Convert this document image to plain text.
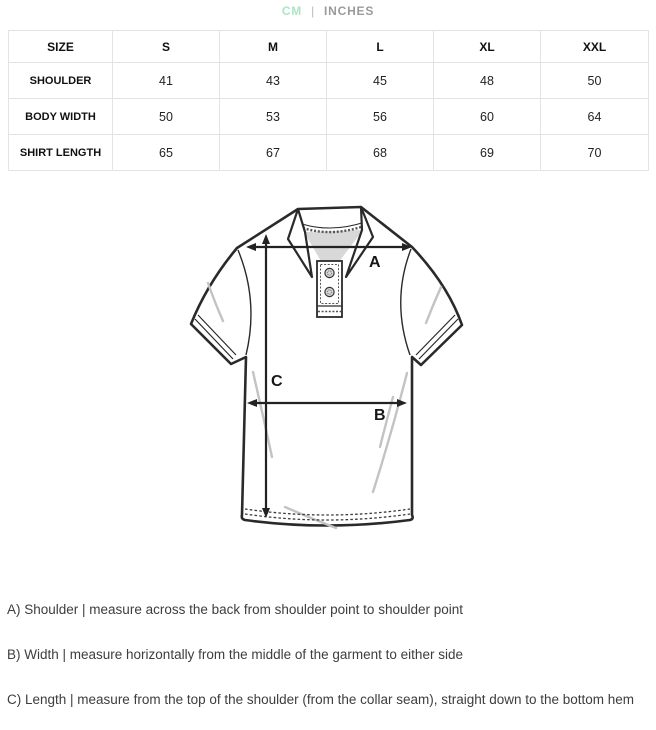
CM | INCHES
SIZE	S	M	L	XL	XXL
SHOULDER	41	43	45	48	50
BODY WIDTH	50	53	56	60	64
SHIRT LENGTH	65	67	68	69	70
A
B
C
A) Shoulder | measure across the back from shoulder point to shoulder point
B) Width | measure horizontally from the middle of the garment to either side
C) Length | measure from the top of the shoulder (from the collar seam), straight down to the bottom hem
